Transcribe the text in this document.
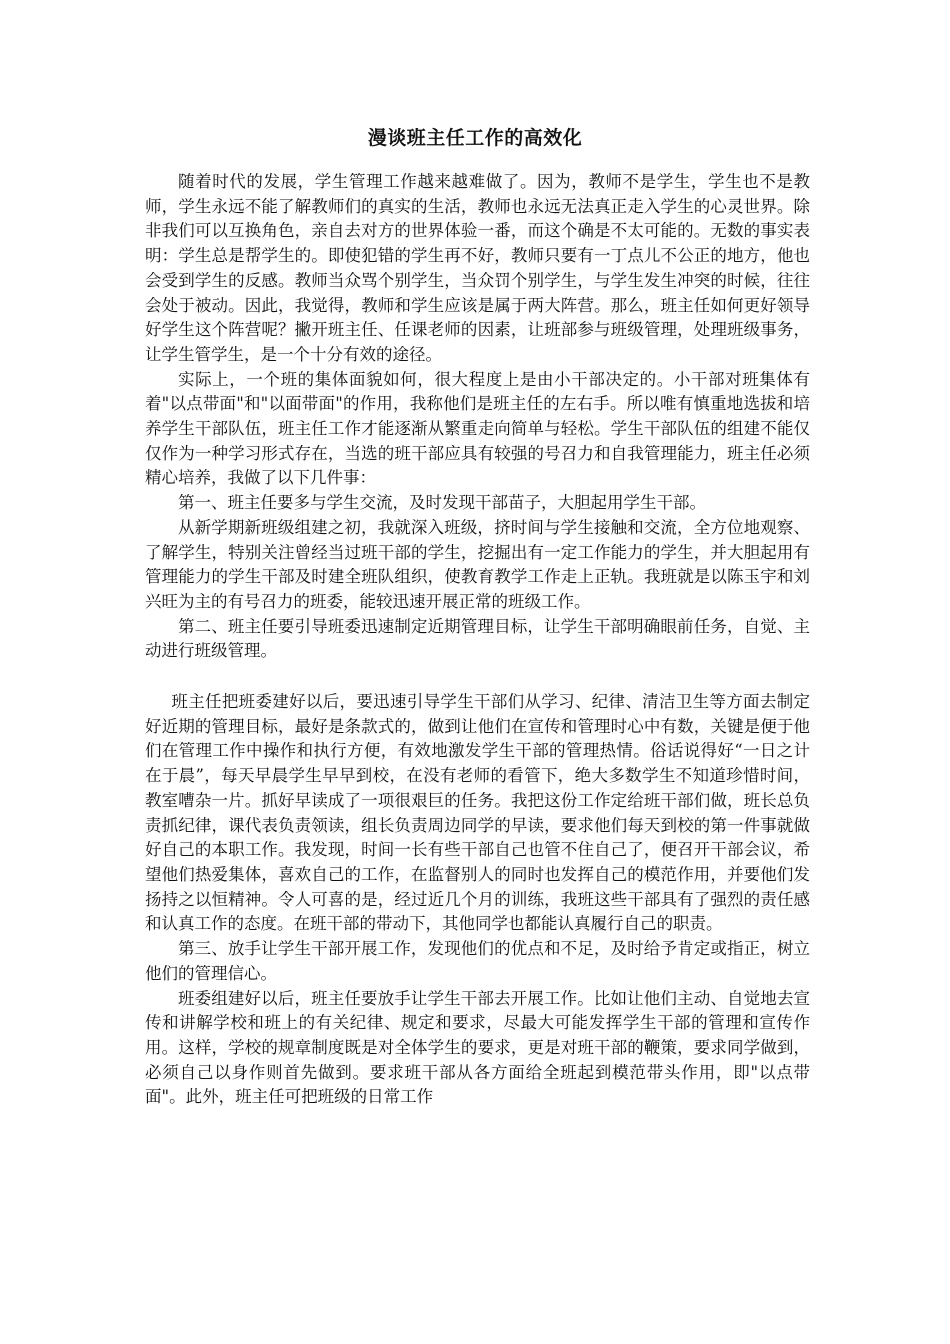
漫谈班主任工作的高效化

随着时代的发展，学生管理工作越来越难做了。因为，教师不是学生，学生也不是教师，学生永远不能了解教师们的真实的生活，教师也永远无法真正走入学生的心灵世界。除非我们可以互换角色，亲自去对方的世界体验一番，而这个确是不太可能的。无数的事实表明：学生总是帮学生的。即使犯错的学生再不好，教师只要有一丁点儿不公正的地方，他也会受到学生的反感。教师当众骂个别学生，当众罚个别学生，与学生发生冲突的时候，往往会处于被动。因此，我觉得，教师和学生应该是属于两大阵营。那么，班主任如何更好领导好学生这个阵营呢？撇开班主任、任课老师的因素，让班部参与班级管理，处理班级事务，让学生管学生，是一个十分有效的途径。

实际上，一个班的集体面貌如何，很大程度上是由小干部决定的。小干部对班集体有着"以点带面"和"以面带面"的作用，我称他们是班主任的左右手。所以唯有慎重地选拔和培养学生干部队伍，班主任工作才能逐渐从繁重走向简单与轻松。学生干部队伍的组建不能仅仅作为一种学习形式存在，当选的班干部应具有较强的号召力和自我管理能力，班主任必须精心培养，我做了以下几件事：

第一、班主任要多与学生交流，及时发现干部苗子，大胆起用学生干部。

从新学期新班级组建之初，我就深入班级，挤时间与学生接触和交流，全方位地观察、了解学生，特别关注曾经当过班干部的学生，挖掘出有一定工作能力的学生，并大胆起用有管理能力的学生干部及时建全班队组织，使教育教学工作走上正轨。我班就是以陈玉宇和刘兴旺为主的有号召力的班委，能较迅速开展正常的班级工作。

第二、班主任要引导班委迅速制定近期管理目标，让学生干部明确眼前任务，自觉、主动进行班级管理。

班主任把班委建好以后，要迅速引导学生干部们从学习、纪律、清洁卫生等方面去制定好近期的管理目标，最好是条款式的，做到让他们在宣传和管理时心中有数，关键是便于他们在管理工作中操作和执行方便，有效地激发学生干部的管理热情。俗话说得好“一日之计在于晨”，每天早晨学生早早到校，在没有老师的看管下，绝大多数学生不知道珍惜时间，教室嘈杂一片。抓好早读成了一项很艰巨的任务。我把这份工作定给班干部们做，班长总负责抓纪律，课代表负责领读，组长负责周边同学的早读，要求他们每天到校的第一件事就做好自己的本职工作。我发现，时间一长有些干部自己也管不住自己了，便召开干部会议，希望他们热爱集体，喜欢自己的工作，在监督别人的同时也发挥自己的模范作用，并要他们发扬持之以恒精神。令人可喜的是，经过近几个月的训练，我班这些干部具有了强烈的责任感和认真工作的态度。在班干部的带动下，其他同学也都能认真履行自己的职责。

第三、放手让学生干部开展工作，发现他们的优点和不足，及时给予肯定或指正，树立他们的管理信心。

班委组建好以后，班主任要放手让学生干部去开展工作。比如让他们主动、自觉地去宣传和讲解学校和班上的有关纪律、规定和要求，尽最大可能发挥学生干部的管理和宣传作用。这样，学校的规章制度既是对全体学生的要求，更是对班干部的鞭策，要求同学做到，必须自己以身作则首先做到。要求班干部从各方面给全班起到模范带头作用，即"以点带面"。此外，班主任可把班级的日常工作
